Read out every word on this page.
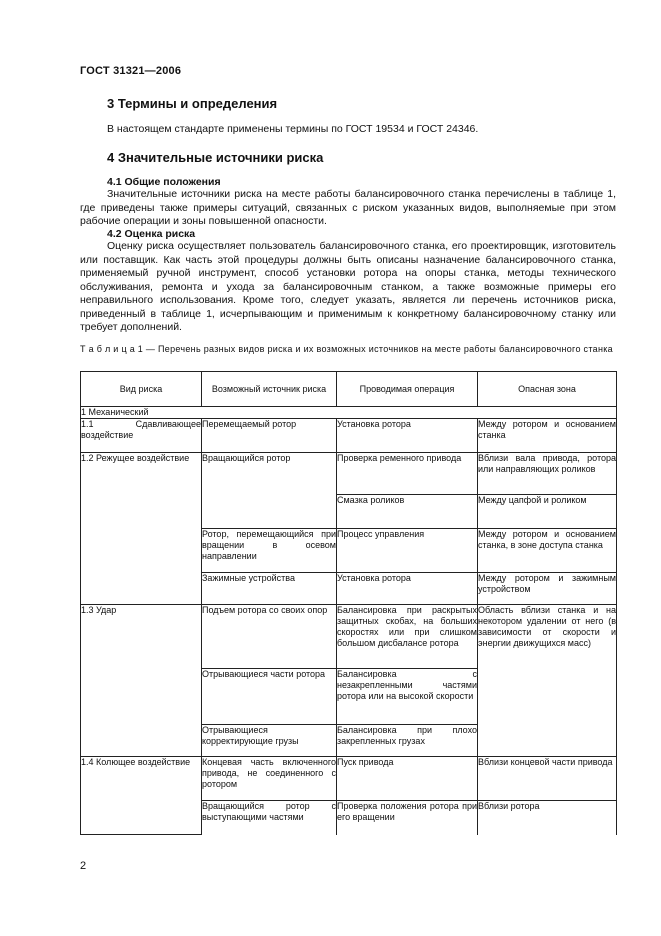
ГОСТ 31321—2006
3 Термины и определения
В настоящем стандарте применены термины по ГОСТ 19534 и ГОСТ 24346.
4 Значительные источники риска
4.1 Общие положения
Значительные источники риска на месте работы балансировочного станка перечислены в таблице 1, где приведены также примеры ситуаций, связанных с риском указанных видов, выполняемые при этом рабочие операции и зоны повышенной опасности.
4.2 Оценка риска
Оценку риска осуществляет пользователь балансировочного станка, его проектировщик, изготовитель или поставщик. Как часть этой процедуры должны быть описаны назначение балансировочного станка, применяемый ручной инструмент, способ установки ротора на опоры станка, методы технического обслуживания, ремонта и ухода за балансировочным станком, а также возможные примеры его неправильного использования. Кроме того, следует указать, является ли перечень источников риска, приведенный в таблице 1, исчерпывающим и применимым к конкретному балансировочному станку или требует дополнений.
Т а б л и ц а 1 — Перечень разных видов риска и их возможных источников на месте работы балансировочного станка
Вид риска	Возможный источник риска	Проводимая операция	Опасная зона
1 Механический			
1.1 Сдавливающее воздействие	Перемещаемый ротор	Установка ротора	Между ротором и основанием станка
1.2 Режущее воздействие	Вращающийся ротор	Проверка ременного привода	Вблизи вала привода, ротора или направляющих роликов
		Смазка роликов	Между цапфой и роликом
	Ротор, перемещающийся при вращении в осевом направлении	Процесс управления	Между ротором и основанием станка, в зоне доступа станка
	Зажимные устройства	Установка ротора	Между ротором и зажимным устройством
1.3 Удар	Подъем ротора со своих опор	Балансировка при раскрытых защитных скобах, на больших скоростях или при слишком большом дисбалансе ротора	Область вблизи станка и на некотором удалении от него (в зависимости от скорости и энергии движущихся масс)
	Отрывающиеся части ротора	Балансировка с незакрепленными частями ротора или на высокой скорости	
	Отрывающиеся корректирующие грузы	Балансировка при плохо закрепленных грузах	
1.4 Колющее воздействие	Концевая часть включенного привода, не соединенного с ротором	Пуск привода	Вблизи концевой части привода
	Вращающийся ротор с выступающими частями	Проверка положения ротора при его вращении	Вблизи ротора
2
